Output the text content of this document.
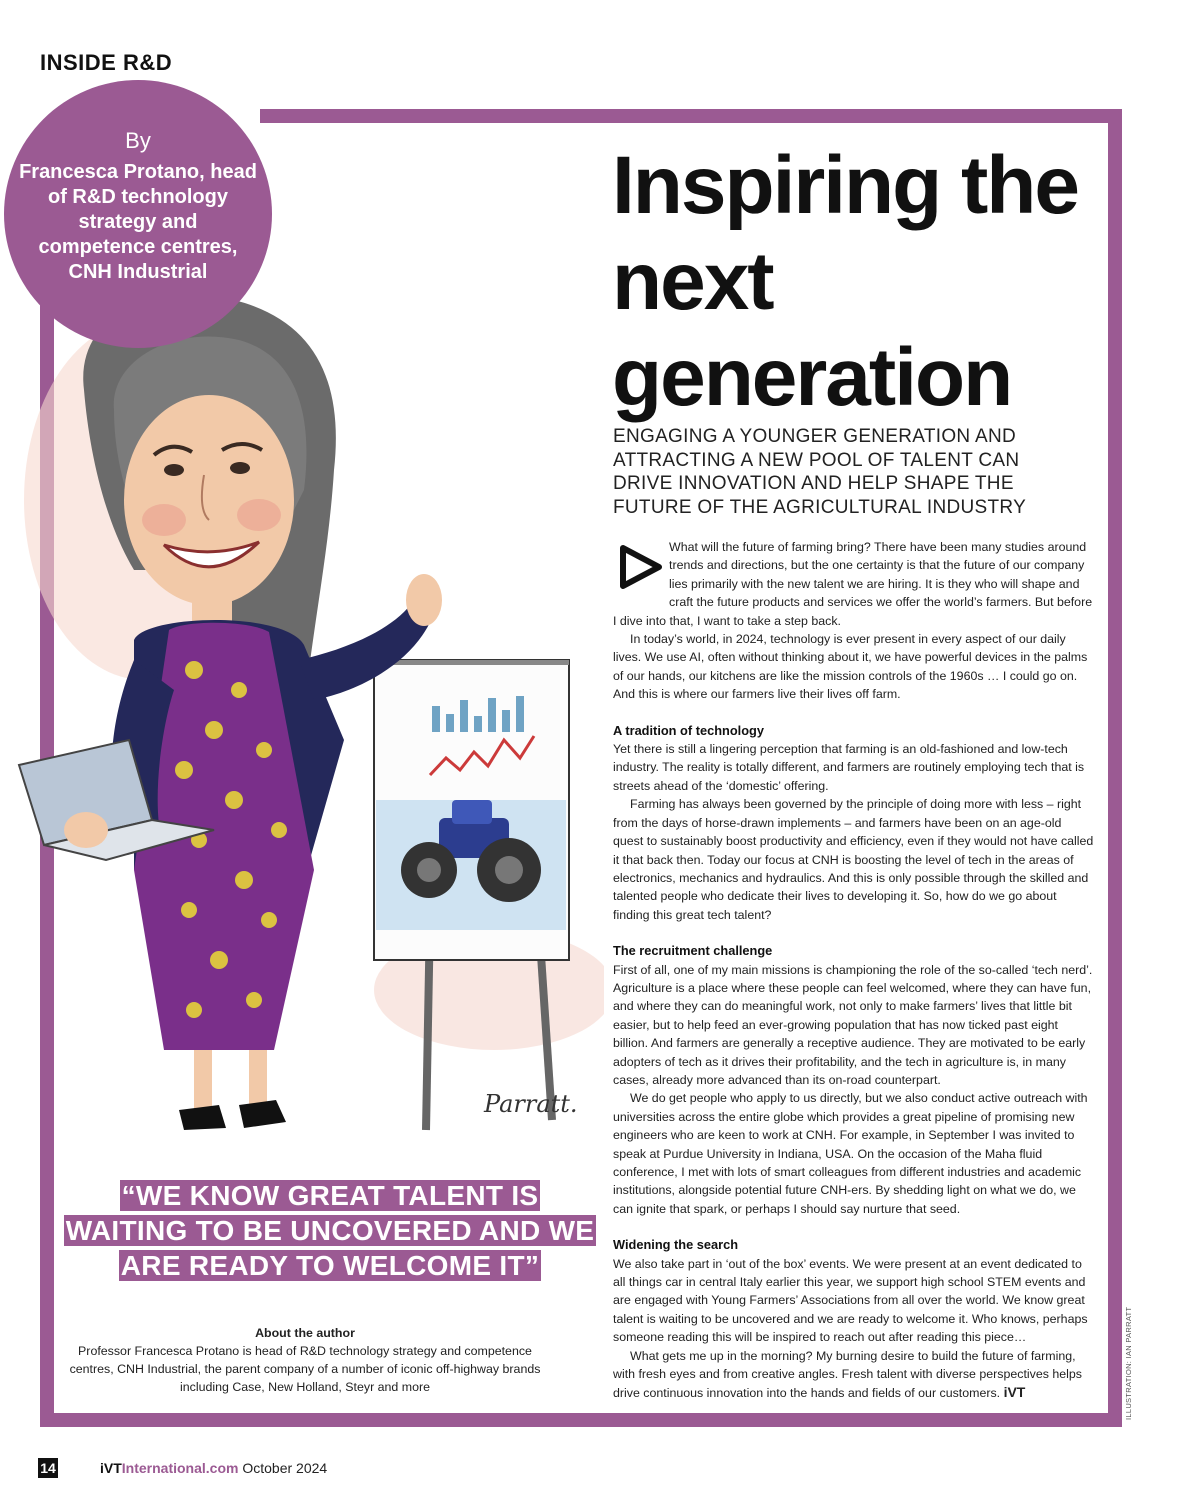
INSIDE R&D
Parratt.
By
Francesca Protano, head of R&D technology strategy and competence centres, CNH Industrial
Inspiring the next generation

ENGAGING A YOUNGER GENERATION AND ATTRACTING A NEW POOL OF TALENT CAN DRIVE INNOVATION AND HELP SHAPE THE FUTURE OF THE AGRICULTURAL INDUSTRY

What will the future of farming bring? There have been many studies around trends and directions, but the one certainty is that the future of our company lies primarily with the new talent we are hiring. It is they who will shape and craft the future products and services we offer the world’s farmers. But before I dive into that, I want to take a step back.

In today’s world, in 2024, technology is ever present in every aspect of our daily lives. We use AI, often without thinking about it, we have powerful devices in the palms of our hands, our kitchens are like the mission controls of the 1960s … I could go on. And this is where our farmers live their lives off farm.

A tradition of technology

Yet there is still a lingering perception that farming is an old-fashioned and low-tech industry. The reality is totally different, and farmers are routinely employing tech that is streets ahead of the ‘domestic’ offering.

Farming has always been governed by the principle of doing more with less – right from the days of horse-drawn implements – and farmers have been on an age-old quest to sustainably boost productivity and efficiency, even if they would not have called it that back then. Today our focus at CNH is boosting the level of tech in the areas of electronics, mechanics and hydraulics. And this is only possible through the skilled and talented people who dedicate their lives to developing it. So, how do we go about finding this great tech talent?

The recruitment challenge

First of all, one of my main missions is championing the role of the so-called ‘tech nerd’. Agriculture is a place where these people can feel welcomed, where they can have fun, and where they can do meaningful work, not only to make farmers’ lives that little bit easier, but to help feed an ever-growing population that has now ticked past eight billion. And farmers are generally a receptive audience. They are motivated to be early adopters of tech as it drives their profitability, and the tech in agriculture is, in many cases, already more advanced than its on-road counterpart.

We do get people who apply to us directly, but we also conduct active outreach with universities across the entire globe which provides a great pipeline of promising new engineers who are keen to work at CNH. For example, in September I was invited to speak at Purdue University in Indiana, USA. On the occasion of the Maha fluid conference, I met with lots of smart colleagues from different industries and academic institutions, alongside potential future CNH-ers. By shedding light on what we do, we can ignite that spark, or perhaps I should say nurture that seed.

Widening the search

We also take part in ‘out of the box’ events. We were present at an event dedicated to all things car in central Italy earlier this year, we support high school STEM events and are engaged with Young Farmers’ Associations from all over the world. We know great talent is waiting to be uncovered and we are ready to welcome it. Who knows, perhaps someone reading this will be inspired to reach out after reading this piece…

What gets me up in the morning? My burning desire to build the future of farming, with fresh eyes and from creative angles. Fresh talent with diverse perspectives helps drive continuous innovation into the hands and fields of our customers. iVT

“WE KNOW GREAT TALENT IS WAITING TO BE UNCOVERED AND WE ARE READY TO WELCOME IT”
About the author
Professor Francesca Protano is head of R&D technology strategy and competence centres, CNH Industrial, the parent company of a number of iconic off-highway brands including Case, New Holland, Steyr and more	ILLUSTRATION: IAN PARRATT
14	iVTInternational.com October 2024
